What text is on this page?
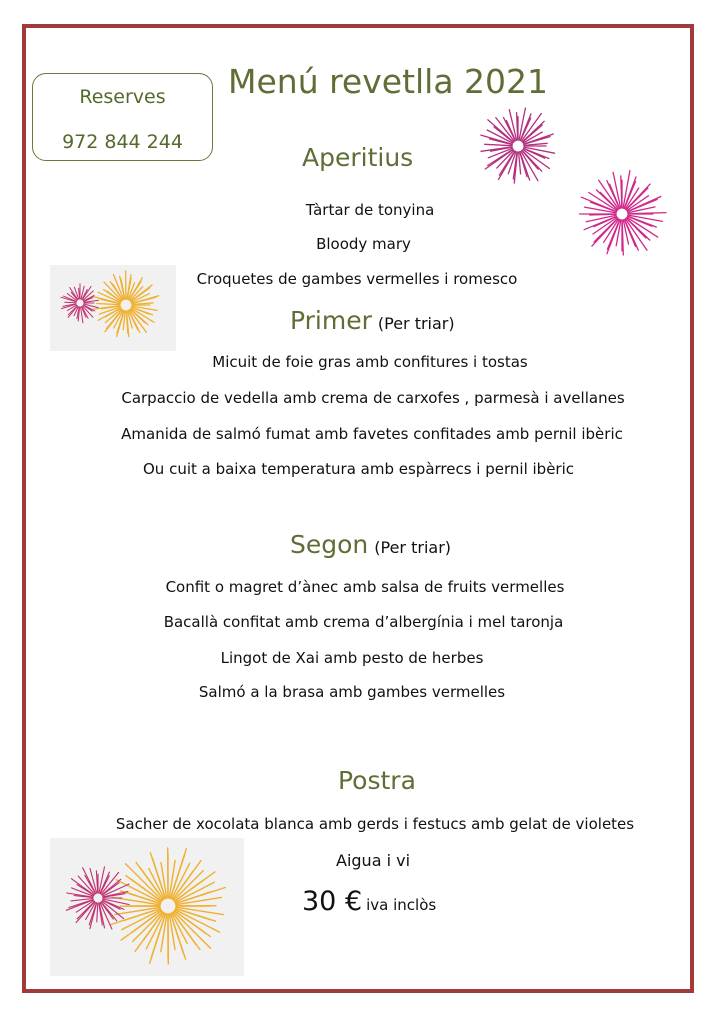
Reserves
972 844 244
Menú revetlla 2021
Aperitius
Tàrtar de tonyina
Bloody mary
Croquetes de gambes vermelles i romesco
Primer (Per triar)
Micuit de foie gras amb confitures i tostas
Carpaccio de vedella amb crema de carxofes , parmesà i avellanes
Amanida de salmó fumat amb favetes confitades amb pernil ibèric
Ou cuit a baixa temperatura amb espàrrecs i pernil ibèric
Segon (Per triar)
Confit o magret d’ànec amb salsa de fruits vermelles
Bacallà confitat amb crema d’albergínia i mel taronja
Lingot de Xai amb pesto de herbes
Salmó a la brasa amb gambes vermelles
Postra
Sacher de xocolata blanca amb gerds i festucs amb gelat de violetes
Aigua i vi
30 € iva inclòs
